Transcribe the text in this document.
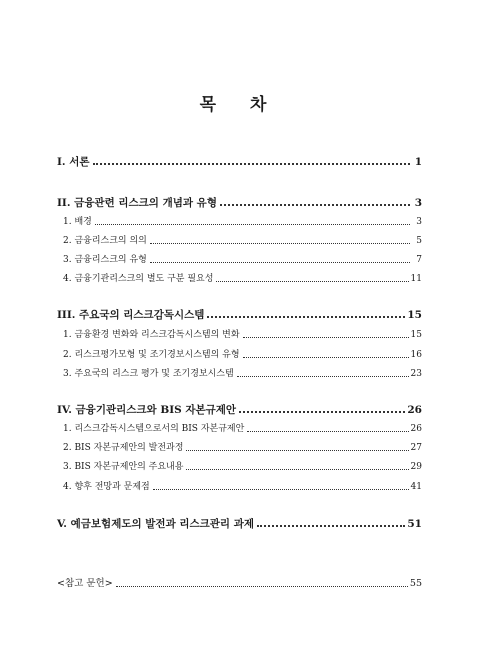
목 차
I. 서론	1
II. 금융관련 리스크의 개념과 유형	3
1. 배경	3
2. 금융리스크의 의의	5
3. 금융리스크의 유형	7
4. 금융기관리스크의 별도 구분 필요성	11
III. 주요국의 리스크감독시스템	15
1. 금융환경 변화와 리스크감독시스템의 변화	15
2. 리스크평가모형 및 조기경보시스템의 유형	16
3. 주요국의 리스크 평가 및 조기경보시스템	23
IV. 금융기관리스크와 BIS 자본규제안	26
1. 리스크감독시스템으로서의 BIS 자본규제안	26
2. BIS 자본규제안의 발전과정	27
3. BIS 자본규제안의 주요내용	29
4. 향후 전망과 문제점	41
V. 예금보험제도의 발전과 리스크관리 과제	51
<참고 문헌>	55
